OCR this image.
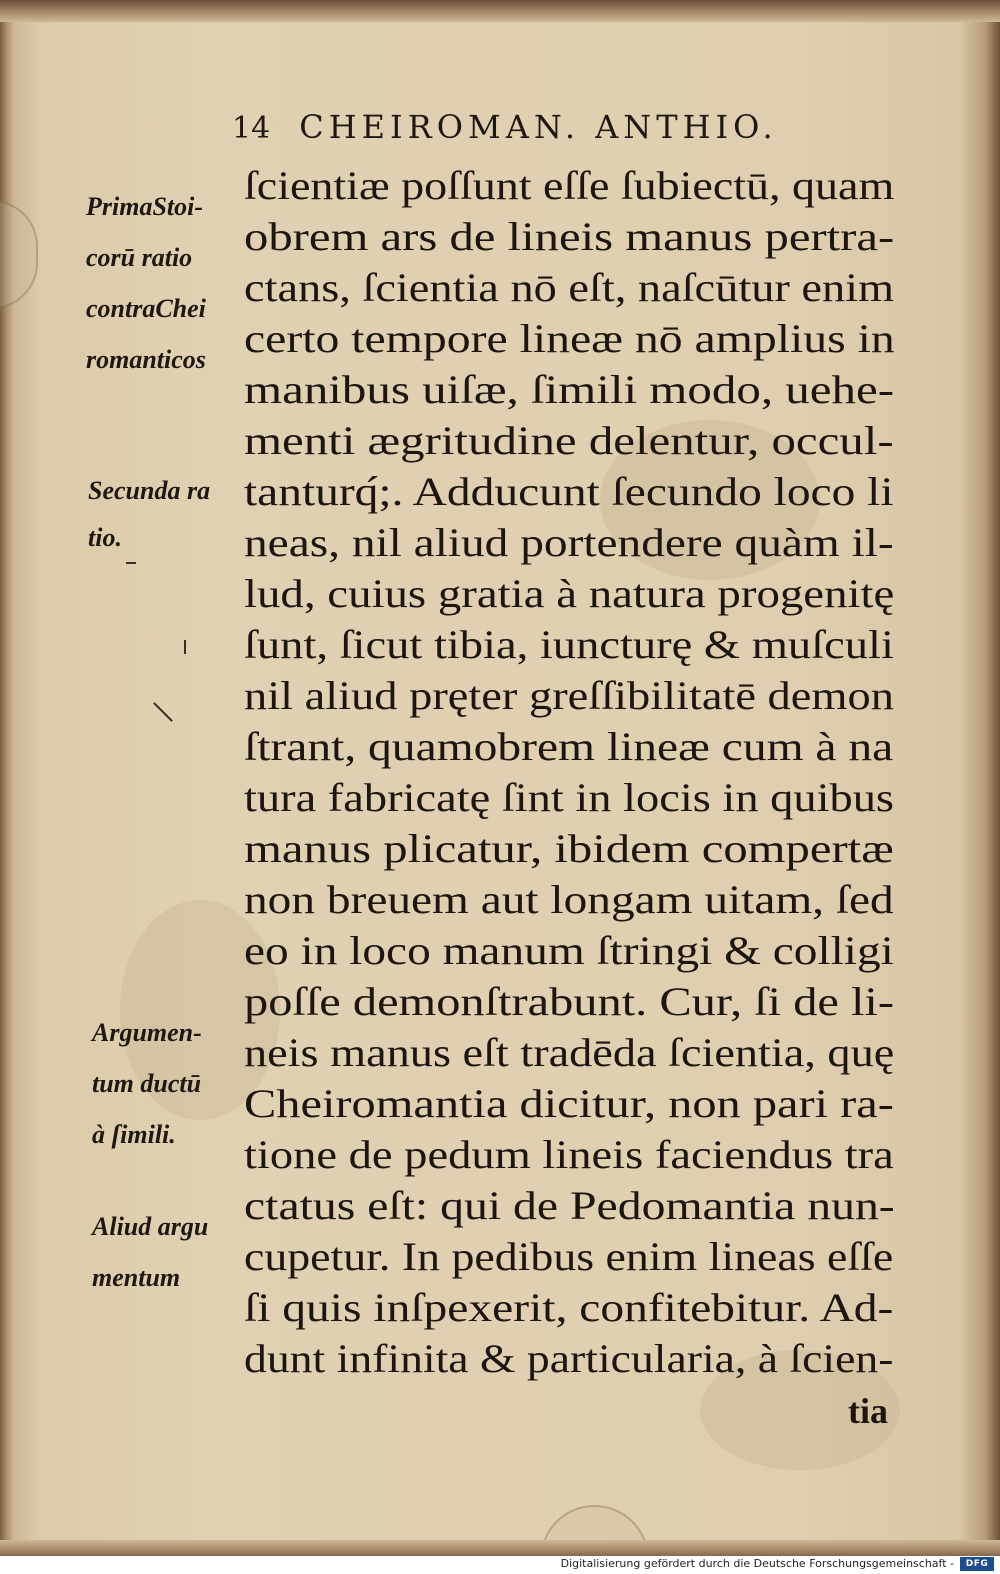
14 CHEIROMAN. ANTHIO.
ſcientiæ poſſunt eſſe ſubiectū, quam
obrem ars de lineis manus pertra-
ctans, ſcientia nō eſt, naſcūtur enim
certo tempore lineæ nō amplius in
manibus uiſæ, ſimili modo, uehe-
menti ægritudine delentur, occul-
tanturq́;. Adducunt ſecundo loco li
neas, nil aliud portendere quàm il-
lud, cuius gratia à natura progenitę
ſunt, ſicut tibia, iuncturę & muſculi
nil aliud pręter greſſibilitatē demon
ſtrant, quamobrem lineæ cum à na
tura fabricatę ſint in locis in quibus
manus plicatur, ibidem compertæ
non breuem aut longam uitam, ſed
eo in loco manum ſtringi & colligi
poſſe demonſtrabunt. Cur, ſi de li-
neis manus eſt tradēda ſcientia, quę
Cheiromantia dicitur, non pari ra-
tione de pedum lineis faciendus tra
ctatus eſt: qui de Pedomantia nun-
cupetur. In pedibus enim lineas eſſe
ſi quis inſpexerit, confitebitur. Ad-
dunt infinita & particularia, à ſcien-
tia
PrimaStoi-
corū ratio
contraChei
romanticos
Secunda ra
tio.
Argumen-
tum ductū
à ſimili.
Aliud argu
mentum
Digitalisierung gefördert durch die Deutsche Forschungsgemeinschaft -	DFG
